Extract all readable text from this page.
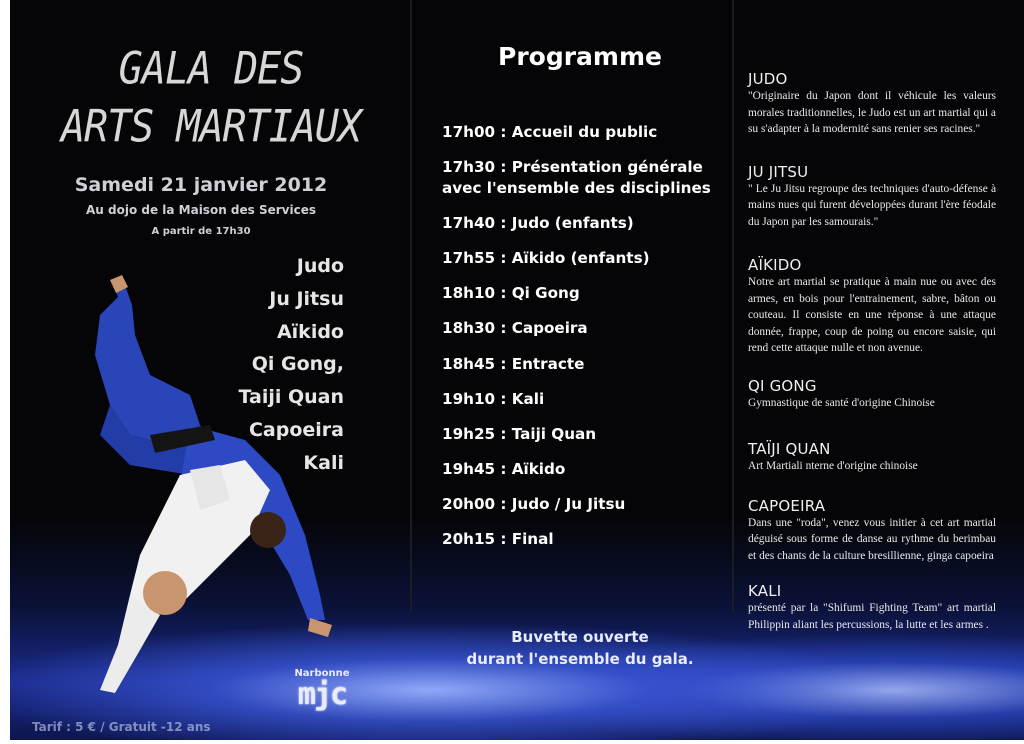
GALA DES
ARTS MARTIAUX
Samedi 21 janvier 2012
Au dojo de la Maison des Services
A partir de 17h30
Judo
Ju Jitsu
Aïkido
Qi Gong,
Taiji Quan
Capoeira
Kali
Narbonne
mjc
Tarif : 5 € / Gratuit -12 ans
Programme
17h00 : Accueil du public
17h30 : Présentation générale avec l'ensemble des disciplines
17h40 : Judo (enfants)
17h55 : Aïkido (enfants)
18h10 : Qi Gong
18h30 : Capoeira
18h45 : Entracte
19h10 : Kali
19h25 : Taiji Quan
19h45 : Aïkido
20h00 : Judo / Ju Jitsu
20h15 : Final
Buvette ouverte
durant l'ensemble du gala.
JUDO
"Originaire du Japon dont il véhicule les valeurs morales traditionnelles, le Judo est un art martial qui a su s'adapter à la modernité sans renier ses racines."
JU JITSU
" Le Ju Jitsu regroupe des techniques d'auto-défense à mains nues qui furent développées durant l'ère féodale du Japon par les samourais."
AÏKIDO
Notre art martial se pratique à main nue ou avec des armes, en bois pour l'entrainement, sabre, bâton ou couteau. Il consiste en une réponse à une attaque donnée, frappe, coup de poing ou encore saisie, qui rend cette attaque nulle et non avenue.
QI GONG
Gymnastique de santé d'origine Chinoise
TAÏJI QUAN
Art Martiali nterne d'origine chinoise
CAPOEIRA
Dans une "roda", venez vous initier à cet art martial déguisé sous forme de danse au rythme du berimbau et des chants de la culture bresillienne, ginga capoeira
KALI
présenté par la "Shifumi Fighting Team" art martial Philippin aliant les percussions, la lutte et les armes .
